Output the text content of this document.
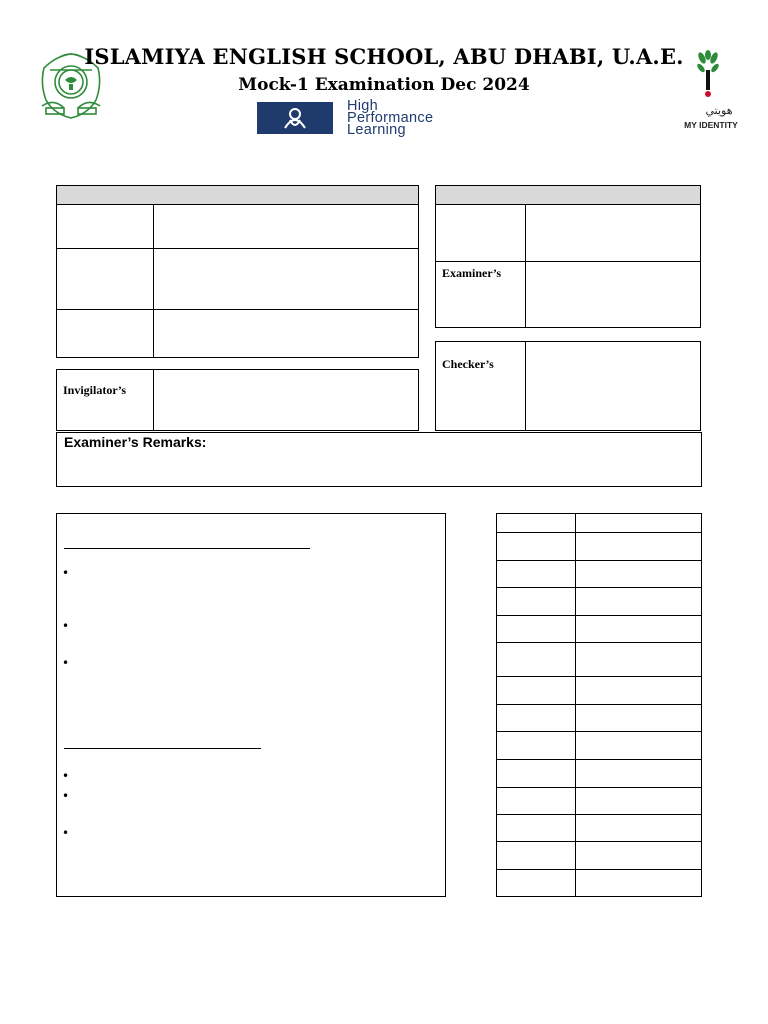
ISLAMIYA ENGLISH SCHOOL, ABU DHABI, U.A.E.
Mock-1 Examination Dec 2024
High
Performance
Learning
هويتي
MY IDENTITY
Invigilator’s
Examiner’s
Checker’s
Examiner’s Remarks:
•
•
•
•
•
•
